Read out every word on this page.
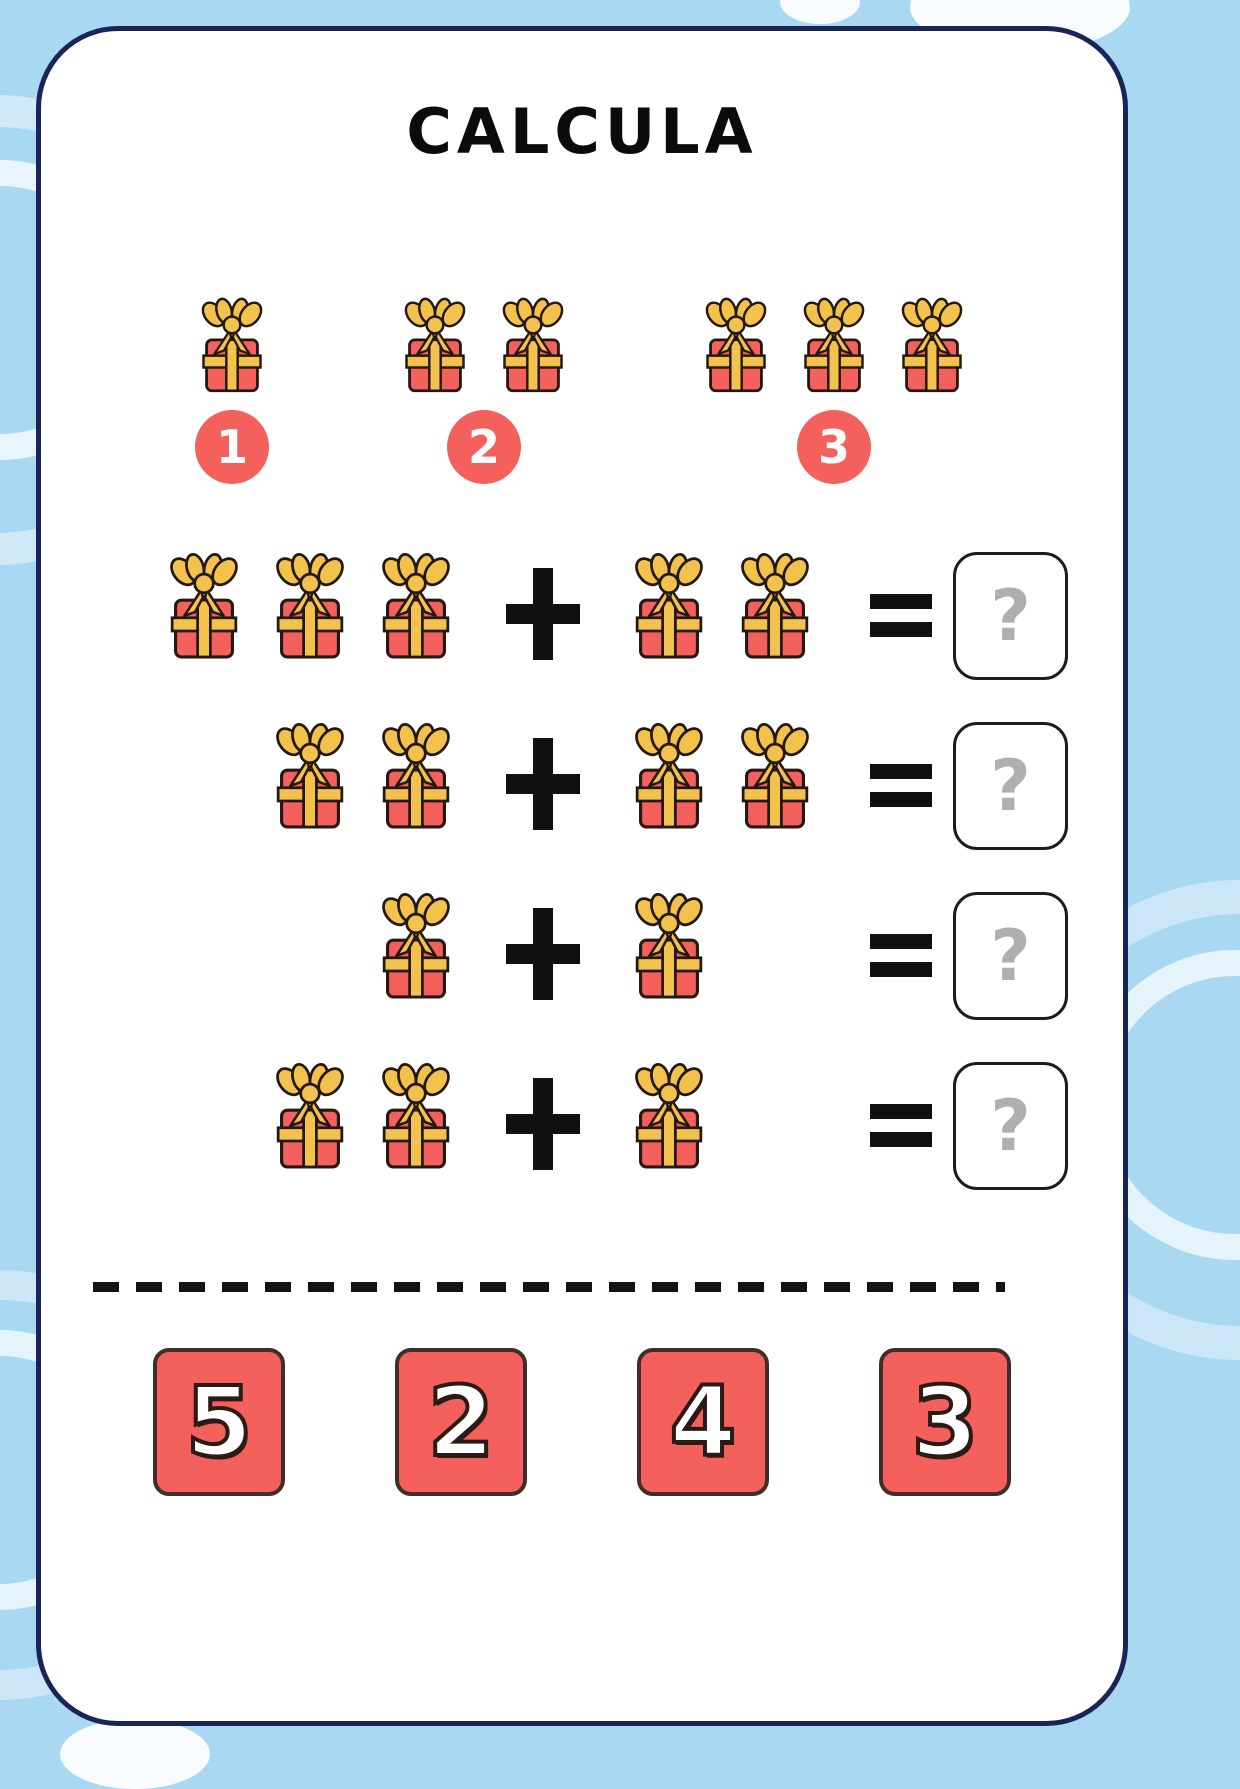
CALCULA
1	2	3
?
?
?
?
5 2 4 3
